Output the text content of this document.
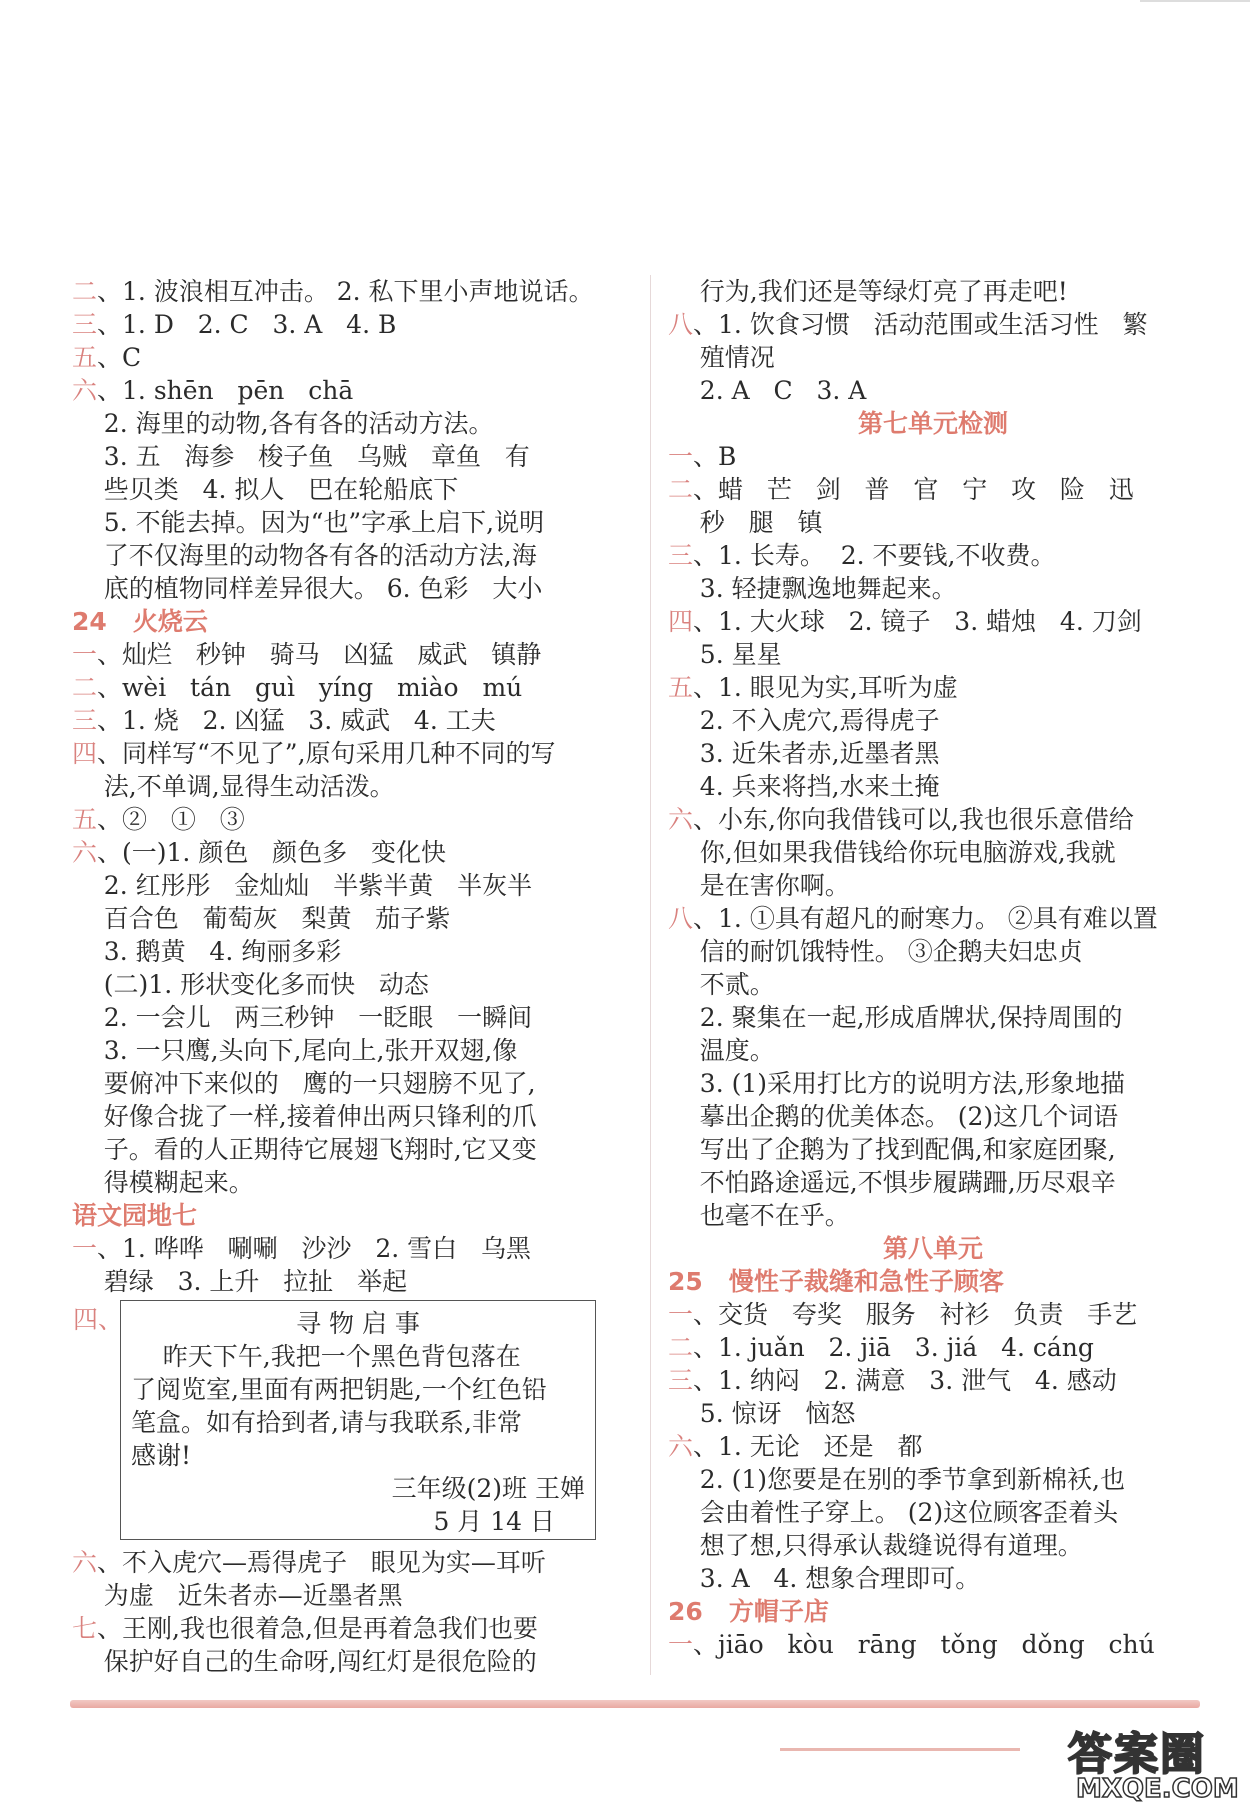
二、1. 波浪相互冲击。 2. 私下里小声地说话。
三、1. D   2. C   3. A   4. B
五、C
六、1. shēn   pēn   chā
2. 海里的动物,各有各的活动方法。
3. 五   海参   梭子鱼   乌贼   章鱼   有
些贝类   4. 拟人   巴在轮船底下
5. 不能去掉。因为“也”字承上启下,说明
了不仅海里的动物各有各的活动方法,海
底的植物同样差异很大。 6. 色彩   大小
24   火烧云
一、灿烂   秒钟   骑马   凶猛   威武   镇静
二、wèi   tán   guì   yíng   miào   mú
三、1. 烧   2. 凶猛   3. 威武   4. 工夫
四、同样写“不见了”,原句采用几种不同的写
法,不单调,显得生动活泼。
五、②   ①   ③
六、(一)1. 颜色   颜色多   变化快
2. 红彤彤   金灿灿   半紫半黄   半灰半
百合色   葡萄灰   梨黄   茄子紫
3. 鹅黄   4. 绚丽多彩
(二)1. 形状变化多而快   动态
2. 一会儿   两三秒钟   一眨眼   一瞬间
3. 一只鹰,头向下,尾向上,张开双翅,像
要俯冲下来似的   鹰的一只翅膀不见了,
好像合拢了一样,接着伸出两只锋利的爪
子。看的人正期待它展翅飞翔时,它又变
得模糊起来。
语文园地七
一、1. 哗哗   唰唰   沙沙   2. 雪白   乌黑
碧绿   3. 上升   拉扯   举起
四、	寻 物 启 事
昨天下午,我把一个黑色背包落在
了阅览室,里面有两把钥匙,一个红色铅
笔盒。如有拾到者,请与我联系,非常
感谢!
三年级(2)班 王婵
5 月 14 日
六、不入虎穴—焉得虎子   眼见为实—耳听
为虚   近朱者赤—近墨者黑
七、王刚,我也很着急,但是再着急我们也要
保护好自己的生命呀,闯红灯是很危险的
行为,我们还是等绿灯亮了再走吧!
八、1. 饮食习惯   活动范围或生活习性   繁
殖情况
2. A   C   3. A
第七单元检测
一、B
二、蜡   芒   剑   普   官   宁   攻   险   迅
秒   腿   镇
三、1. 长寿。  2. 不要钱,不收费。
3. 轻捷飘逸地舞起来。
四、1. 大火球   2. 镜子   3. 蜡烛   4. 刀剑
5. 星星
五、1. 眼见为实,耳听为虚
2. 不入虎穴,焉得虎子
3. 近朱者赤,近墨者黑
4. 兵来将挡,水来土掩
六、小东,你向我借钱可以,我也很乐意借给
你,但如果我借钱给你玩电脑游戏,我就
是在害你啊。
八、1. ①具有超凡的耐寒力。 ②具有难以置
信的耐饥饿特性。 ③企鹅夫妇忠贞
不贰。
2. 聚集在一起,形成盾牌状,保持周围的
温度。
3. (1)采用打比方的说明方法,形象地描
摹出企鹅的优美体态。 (2)这几个词语
写出了企鹅为了找到配偶,和家庭团聚,
不怕路途遥远,不惧步履蹒跚,历尽艰辛
也毫不在乎。
第八单元
25   慢性子裁缝和急性子顾客
一、交货   夸奖   服务   衬衫   负责   手艺
二、1. juǎn   2. jiā   3. jiá   4. cáng
三、1. 纳闷   2. 满意   3. 泄气   4. 感动
5. 惊讶   恼怒
六、1. 无论   还是   都
2. (1)您要是在别的季节拿到新棉袄,也
会由着性子穿上。 (2)这位顾客歪着头
想了想,只得承认裁缝说得有道理。
3. A   4. 想象合理即可。
26   方帽子店
一、jiāo   kòu   rāng   tǒng   dǒng   chú
答案圈
MXQE.COM
